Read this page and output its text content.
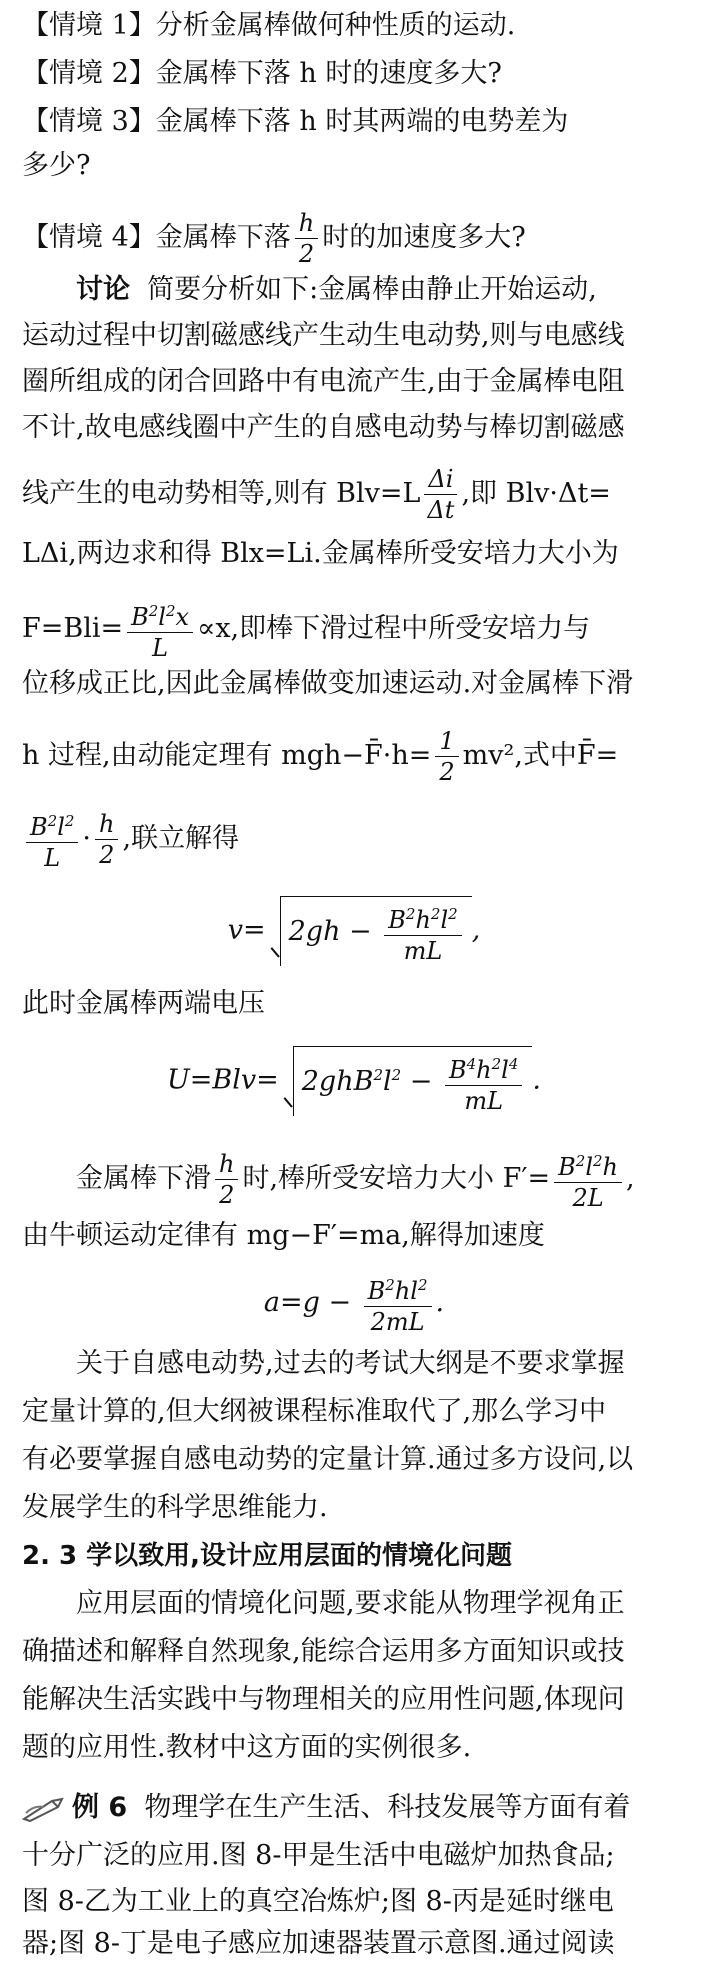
【情境 1】分析金属棒做何种性质的运动.
【情境 2】金属棒下落 h 时的速度多大?
【情境 3】金属棒下落 h 时其两端的电势差为
多少?
【情境 4】金属棒下落 $\frac{h}{2}$ 时的加速度多大?
讨论 简要分析如下:金属棒由静止开始运动,
运动过程中切割磁感线产生动生电动势,则与电感线
圈所组成的闭合回路中有电流产生,由于金属棒电阻
不计,故电感线圈中产生的自感电动势与棒切割磁感
线产生的电动势相等,则有 $Blv=L \frac{\Delta i}{\Delta t}$ ,即 Blv·Δt=
LΔi,两边求和得 Blx=Li.金属棒所受安培力大小为
$F=Bli= \frac{B^2l^2x}{L} \propto x$,即棒下滑过程中所受安培力与
位移成正比,因此金属棒做变加速运动.对金属棒下滑
h 过程,由动能定理有 mgh−F̄·h= $\frac{1}{2} mv^2$,式中F̄=
$\frac{B^2l^2}{L} \cdot \frac{h}{2}$ ,联立解得
$v= 2gh - \frac{B^2h^2l^2}{mL}$ ,
此时金属棒两端电压
$U=Blv= 2ghB^2l^2 - \frac{B^4h^2l^4}{mL}$ .
金属棒下滑 $\frac{h}{2}$ 时,棒所受安培力大小 $F'= \frac{B^2l^2h}{2L}$ ,
由牛顿运动定律有 mg−F′=ma,解得加速度
$a=g - \frac{B^2hl^2}{2mL}$ .
关于自感电动势,过去的考试大纲是不要求掌握
定量计算的,但大纲被课程标准取代了,那么学习中
有必要掌握自感电动势的定量计算.通过多方设问,以
发展学生的科学思维能力.
2. 3 学以致用,设计应用层面的情境化问题
应用层面的情境化问题,要求能从物理学视角正
确描述和解释自然现象,能综合运用多方面知识或技
能解决生活实践中与物理相关的应用性问题,体现问
题的应用性.教材中这方面的实例很多.
例 6 物理学在生产生活、科技发展等方面有着
十分广泛的应用.图 8-甲是生活中电磁炉加热食品;
图 8-乙为工业上的真空冶炼炉;图 8-丙是延时继电
器;图 8-丁是电子感应加速器装置示意图.通过阅读
